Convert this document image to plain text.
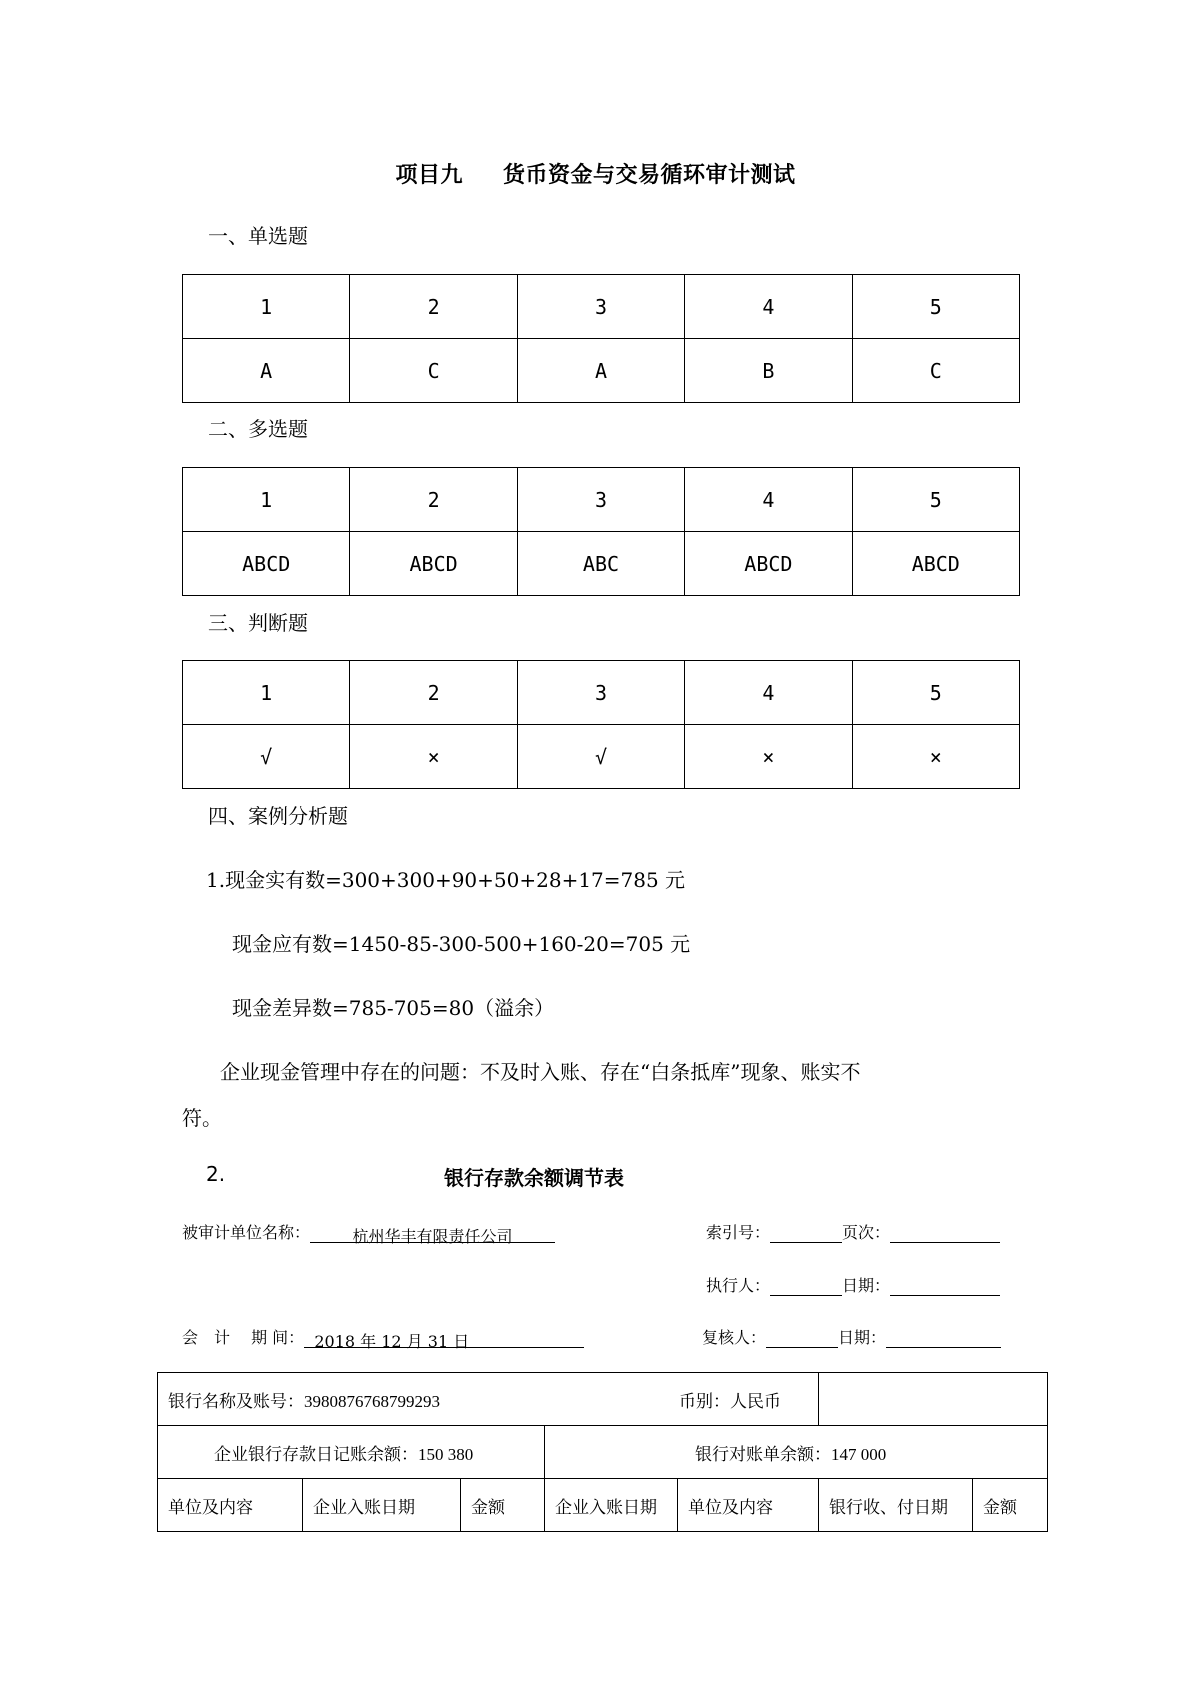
项目九 货币资金与交易循环审计测试
一、单选题
1	2	3	4	5
A	C	A	B	C
二、多选题
1	2	3	4	5
ABCD	ABCD	ABC	ABCD	ABCD
三、判断题
1	2	3	4	5
√	×	√	×	×
四、案例分析题
1.现金实有数=300+300+90+50+28+17=785 元
现金应有数=1450-85-300-500+160-20=705 元
现金差异数=785-705=80（溢余）
企业现金管理中存在的问题：不及时入账、存在“白条抵库”现象、账实不
符。
2.	银行存款余额调节表
被审计单位名称：	杭州华丰有限责任公司	索引号：	页次：
执行人：	日期：
会　计　 期 间： 2018 年 12 月 31 日	复核人：	日期：
银行名称及账号：3980876768799293					币别：人民币	
企业银行存款日记账余额：150 380			银行对账单余额：147 000			
单位及内容	企业入账日期	金额	企业入账日期	单位及内容	银行收、付日期	金额
